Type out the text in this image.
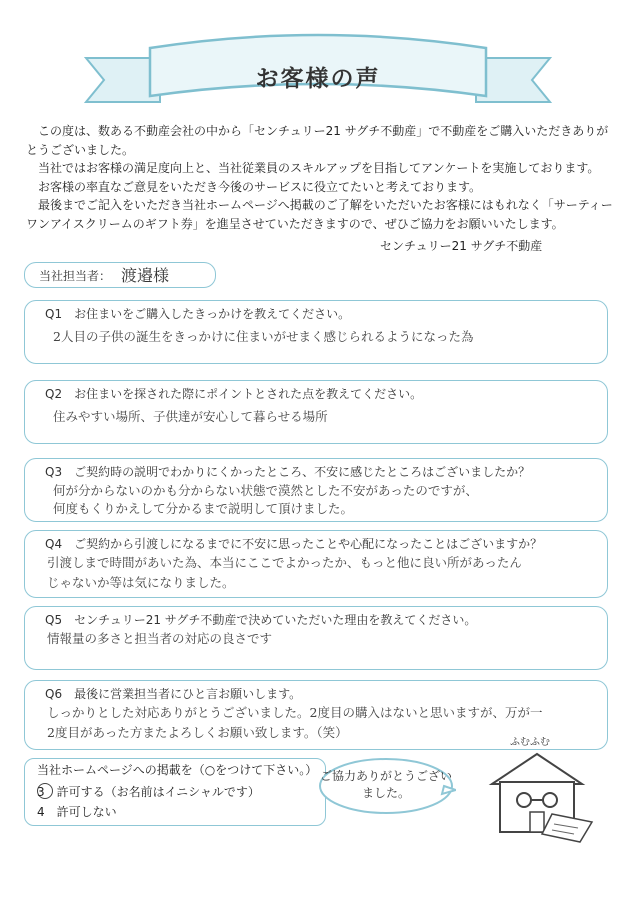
お客様の声

この度は、数ある不動産会社の中から「センチュリー21 サグチ不動産」で不動産をご購入いただきありがとうございました。

当社ではお客様の満足度向上と、当社従業員のスキルアップを目指してアンケートを実施しております。

お客様の率直なご意見をいただき今後のサービスに役立てたいと考えております。

最後までご記入をいただき当社ホームページへ掲載のご了解をいただいたお客様にはもれなく「サーティーワンアイスクリームのギフト券」を進呈させていただきますので、ぜひご協力をお願いいたします。

センチュリー21 サグチ不動産
当社担当者： 渡邉様
Q1　お住まいをご購入したきっかけを教えてください。
2人目の子供の誕生をきっかけに住まいがせまく感じられるようになった為
Q2　お住まいを探された際にポイントとされた点を教えてください。
住みやすい場所、子供達が安心して暮らせる場所
Q3　ご契約時の説明でわかりにくかったところ、不安に感じたところはございましたか？
何が分からないのかも分からない状態で漠然とした不安があったのですが、
何度もくりかえして分かるまで説明して頂けました。
Q4　ご契約から引渡しになるまでに不安に思ったことや心配になったことはございますか？
引渡しまで時間があいた為、本当にここでよかったか、もっと他に良い所があったん
じゃないか等は気になりました。
Q5　センチュリー21 サグチ不動産で決めていただいた理由を教えてください。
情報量の多さと担当者の対応の良さです
Q6　最後に営業担当者にひと言お願いします。
しっかりとした対応ありがとうございました。2度目の購入はないと思いますが、万が一
2度目があった方またよろしくお願い致します。（笑）
当社ホームページへの掲載を（○をつけて下さい。）
3　許可する（お名前はイニシャルです）
4　許可しない
ご協力ありがとうございました。
ふむふむ
